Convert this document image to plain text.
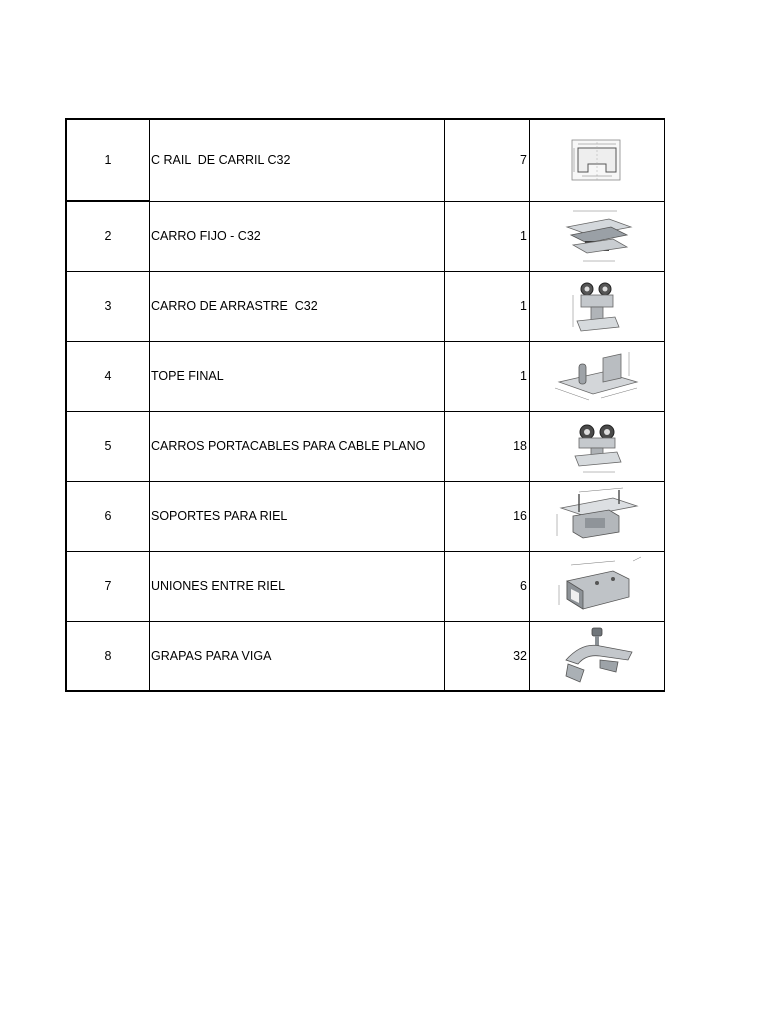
1	C RAIL  DE CARRIL C32	7	

2	CARRO FIJO - C32	1	

3	CARRO DE ARRASTRE  C32	1	

4	TOPE FINAL	1	

5	CARROS PORTACABLES PARA CABLE PLANO	18	

6	SOPORTES PARA RIEL	16	

7	UNIONES ENTRE RIEL	6	

8	GRAPAS PARA VIGA	32	
